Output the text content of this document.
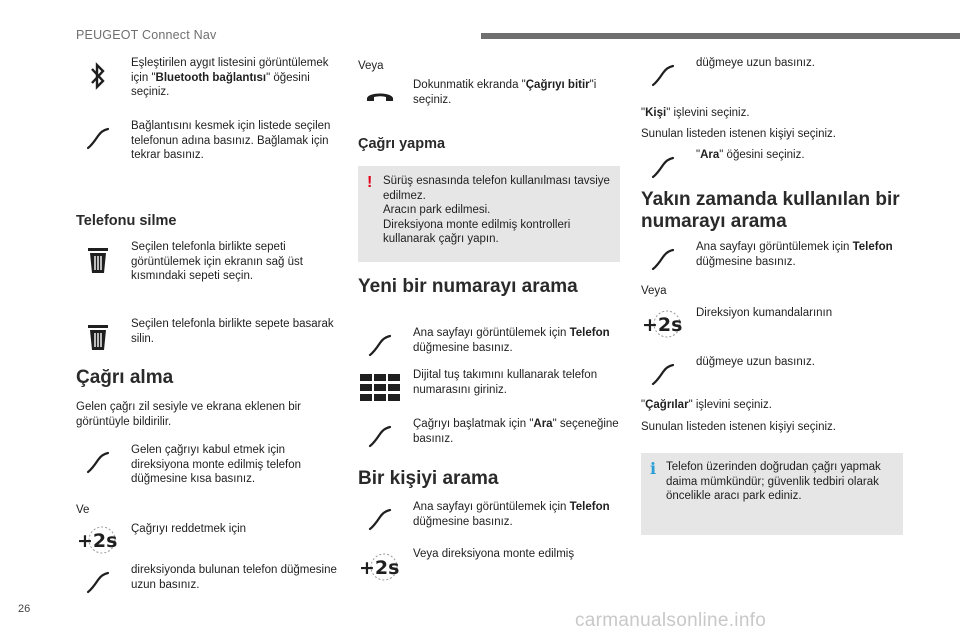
PEUGEOT Connect Nav
Eşleştirilen aygıt listesini görüntülemek için "Bluetooth bağlantısı" öğesini seçiniz.
Bağlantısını kesmek için listede seçilen telefonun adına basınız. Bağlamak için tekrar basınız.
Telefonu silme
Seçilen telefonla birlikte sepeti görüntülemek için ekranın sağ üst kısmındaki sepeti seçin.
Seçilen telefonla birlikte sepete basarak silin.
Çağrı alma
Gelen çağrı zil sesiyle ve ekrana eklenen bir görüntüyle bildirilir.
Gelen çağrıyı kabul etmek için direksiyona monte edilmiş telefon düğmesine kısa basınız.
Ve
+2s
Çağrıyı reddetmek için
direksiyonda bulunan telefon düğmesine uzun basınız.
Veya
Dokunmatik ekranda "Çağrıyı bitir"i seçiniz.
Çağrı yapma
! Sürüş esnasında telefon kullanılması tavsiye edilmez.
Aracın park edilmesi.
Direksiyona monte edilmiş kontrolleri kullanarak çağrı yapın.
Yeni bir numarayı arama
Ana sayfayı görüntülemek için Telefon düğmesine basınız.
Dijital tuş takımını kullanarak telefon numarasını giriniz.
Çağrıyı başlatmak için "Ara" seçeneğine basınız.
Bir kişiyi arama
Ana sayfayı görüntülemek için Telefon düğmesine basınız.
+2s
Veya direksiyona monte edilmiş
düğmeye uzun basınız.
"Kişi" işlevini seçiniz.
Sunulan listeden istenen kişiyi seçiniz.
"Ara" öğesini seçiniz.
Yakın zamanda kullanılan bir numarayı arama
Ana sayfayı görüntülemek için Telefon düğmesine basınız.
Veya
+2s
Direksiyon kumandalarının
düğmeye uzun basınız.
"Çağrılar" işlevini seçiniz.
Sunulan listeden istenen kişiyi seçiniz.
i Telefon üzerinden doğrudan çağrı yapmak daima mümkündür; güvenlik tedbiri olarak öncelikle aracı park ediniz.
26
carmanualsonline.info
